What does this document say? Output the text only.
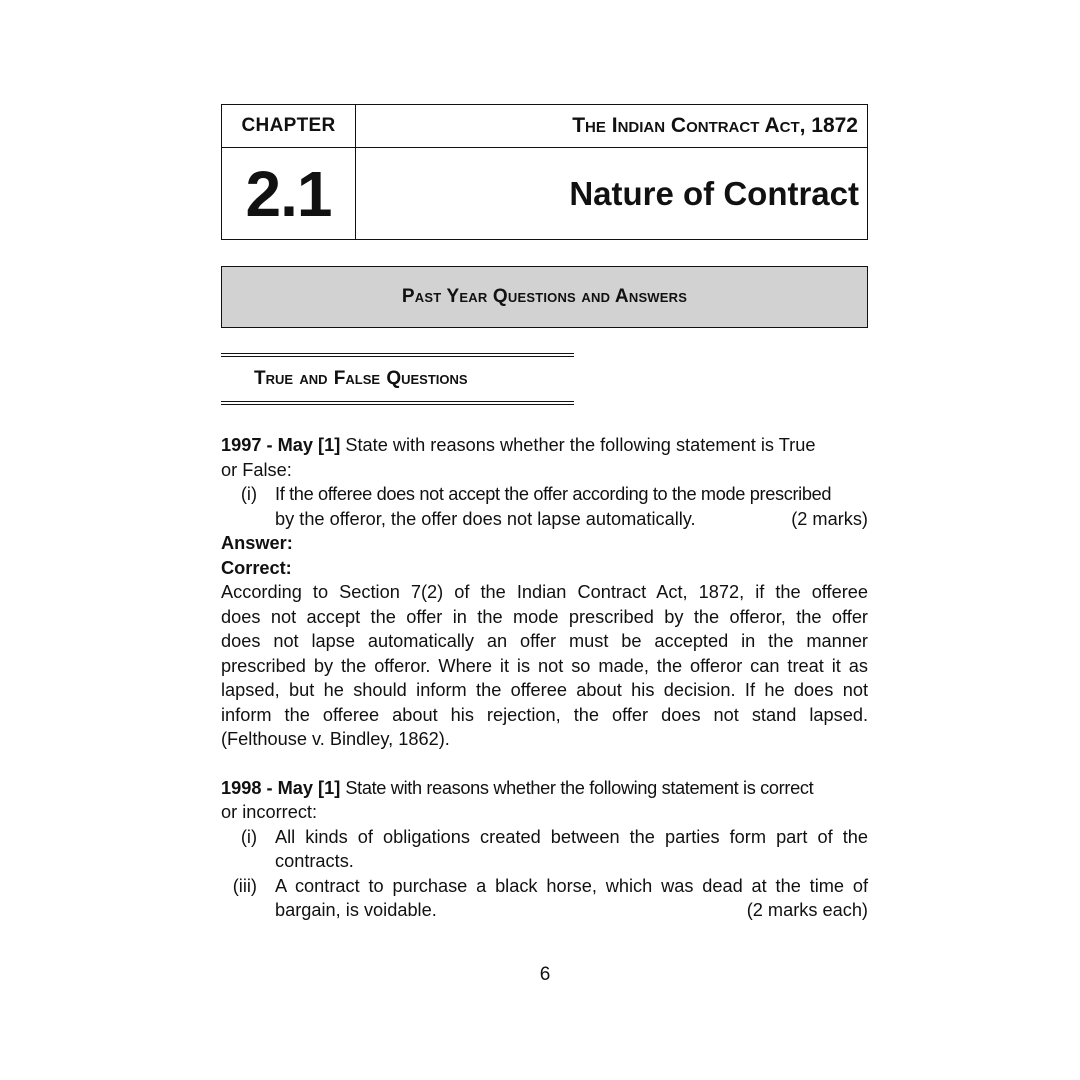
CHAPTER	The Indian Contract Act, 1872
2.1	Nature of Contract
Past Year Questions and Answers
True and False Questions
1997 - May [1] State with reasons whether the following statement is True
or False:
(i) If the offeree does not accept the offer according to the mode prescribed
by the offeror, the offer does not lapse automatically.	(2 marks)
Answer:
Correct:
According to Section 7(2) of the Indian Contract Act, 1872, if the offeree
does not accept the offer in the mode prescribed by the offeror, the offer
does not lapse automatically an offer must be accepted in the manner
prescribed by the offeror. Where it is not so made, the offeror can treat it as
lapsed, but he should inform the offeree about his decision. If he does not
inform the offeree about his rejection, the offer does not stand lapsed.
(Felthouse v. Bindley, 1862).
1998 - May [1] State with reasons whether the following statement is correct
or incorrect:
(i) All kinds of obligations created between the parties form part of the
contracts.
(iii) A contract to purchase a black horse, which was dead at the time of
bargain, is voidable.	(2 marks each)
6
